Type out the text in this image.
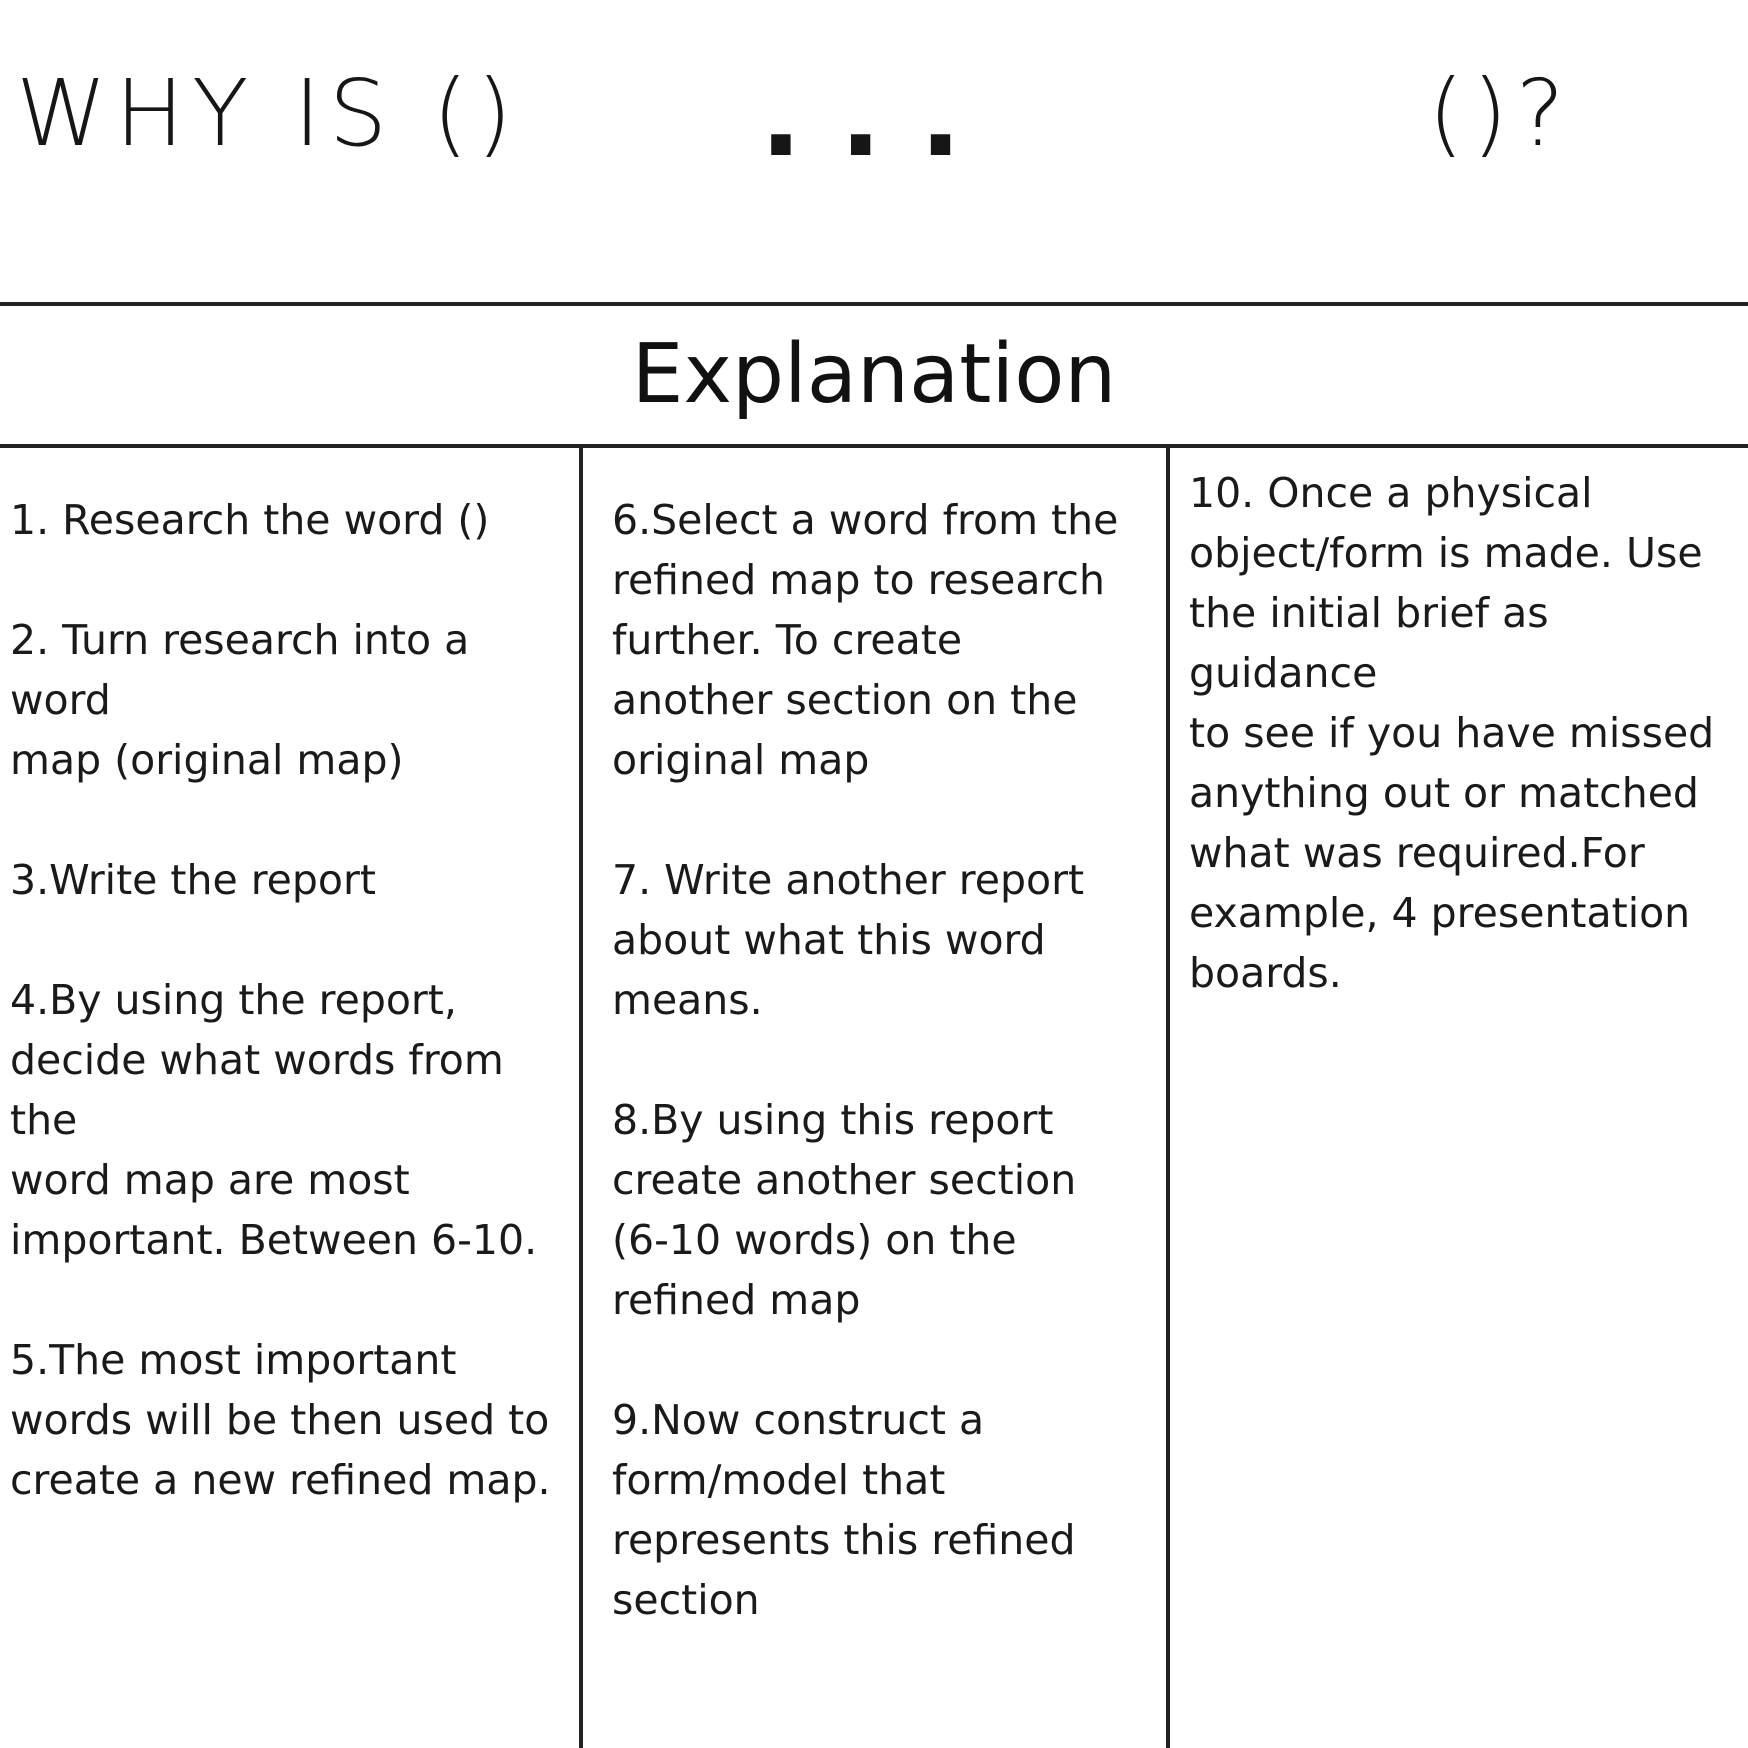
WHY IS () ...	()?
Explanation

1. Research the word ()

2. Turn research into a word
map (original map)

3.Write the report

4.By using the report,
decide what words from the
word map are most
important. Between 6-10.

5.The most important
words will be then used to
create a new refined map.

6.Select a word from the
refined map to research
further. To create
another section on the
original map

7. Write another report
about what this word
means.

8.By using this report
create another section
(6-10 words) on the
refined map

9.Now construct a
form/model that
represents this refined
section

10. Once a physical
object/form is made. Use
the initial brief as guidance
to see if you have missed
anything out or matched
what was required.For
example, 4 presentation
boards.
